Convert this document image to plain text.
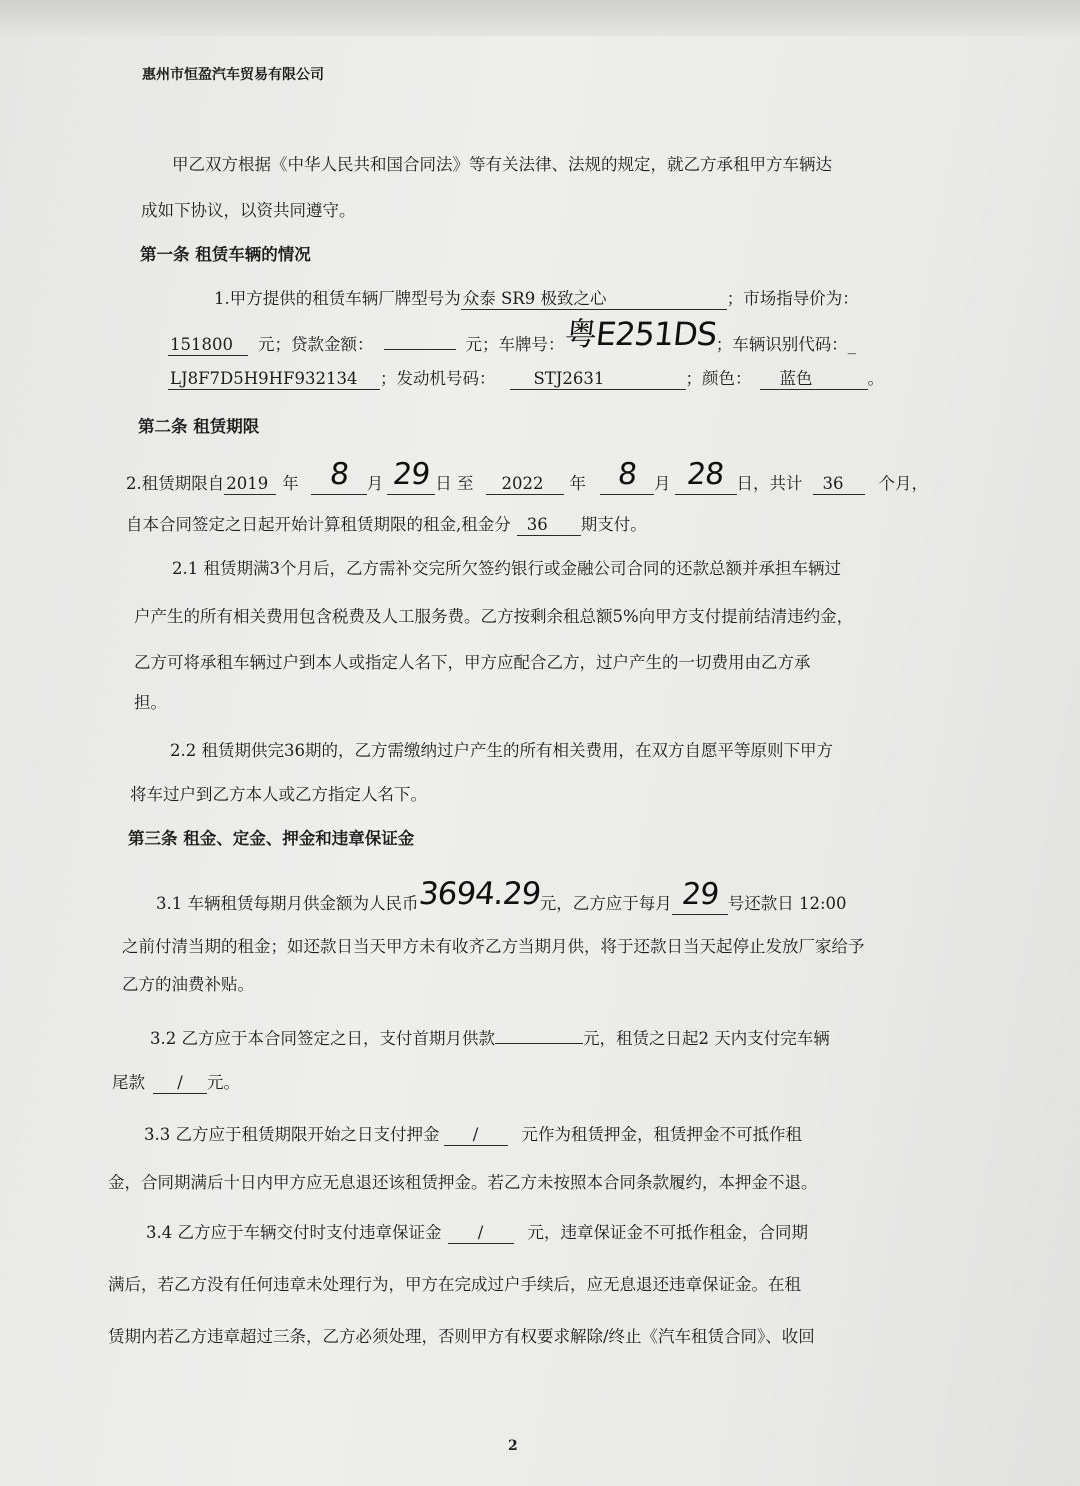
惠州市恒盈汽车贸易有限公司
甲乙双方根据《中华人民共和国合同法》等有关法律、法规的规定，就乙方承租甲方车辆达
成如下协议，以资共同遵守。
第一条 租赁车辆的情况
1.甲方提供的租赁车辆厂牌型号为 众泰 SR9 极致之心	；市场指导价为：
151800 元；贷款金额：	元；车牌号：粤E251DS；车辆识别代码：_
LJ8F7D5H9HF932134 ；发动机号码： STJ2631	；颜色： 蓝色	。
第二条 租赁期限
2.租赁期限自 2019 年 8 月 29 日 至 2022 年 8 月 28 日，共计 36 个月，
自本合同签定之日起开始计算租赁期限的租金,租金分 36 期支付。
2.1 租赁期满3个月后，乙方需补交完所欠签约银行或金融公司合同的还款总额并承担车辆过
户产生的所有相关费用包含税费及人工服务费。乙方按剩余租总额5%向甲方支付提前结清违约金，
乙方可将承租车辆过户到本人或指定人名下，甲方应配合乙方，过户产生的一切费用由乙方承
担。
2.2 租赁期供完36期的，乙方需缴纳过户产生的所有相关费用，在双方自愿平等原则下甲方
将车过户到乙方本人或乙方指定人名下。
第三条 租金、定金、押金和违章保证金
3.1 车辆租赁每期月供金额为人民币3694.29元，乙方应于每月 29 号还款日 12:00
之前付清当期的租金；如还款日当天甲方未有收齐乙方当期月供，将于还款日当天起停止发放厂家给予
乙方的油费补贴。
3.2 乙方应于本合同签定之日，支付首期月供款	元，租赁之日起2 天内支付完车辆
尾款 / 元。
3.3 乙方应于租赁期限开始之日支付押金 /	元作为租赁押金，租赁押金不可抵作租
金，合同期满后十日内甲方应无息退还该租赁押金。若乙方未按照本合同条款履约，本押金不退。
3.4 乙方应于车辆交付时支付违章保证金 /	元，违章保证金不可抵作租金，合同期
满后，若乙方没有任何违章未处理行为，甲方在完成过户手续后，应无息退还违章保证金。在租
赁期内若乙方违章超过三条，乙方必须处理，否则甲方有权要求解除/终止《汽车租赁合同》、收回
2
